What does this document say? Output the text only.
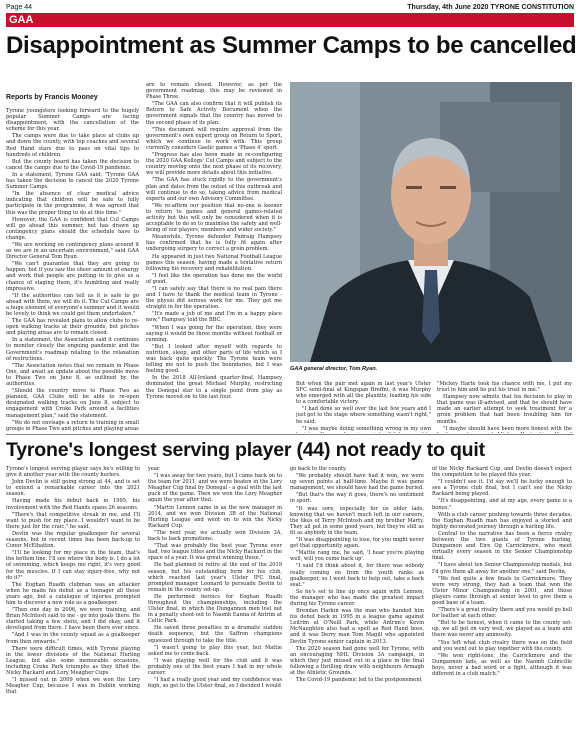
Page 44	Thursday, 4th June 2020 TYRONE CONSTITUTION
GAA
Disappointment as Summer Camps to be cancelled
Reports by Francis Mooney

Tyrone youngsters looking forward to the hugely popular Summer Camps are facing disappointment, with the cancellation of the scheme for this year.

The camps were due to take place at clubs up and down the county, with top coaches and several Red Hand stars due to pass on vital tips to hundreds of children.

But the county board has taken the decision to cancel the camps due to the Covid-19 pandemic.

In a statement, Tyrone GAA said: "Tyrone GAA has taken the decision to cancel the 2020 Tyrone Summer Camps.

"In the absence of clear medical advice indicating that children will be safe to fully participate in the programme, it was agreed that this was the proper thing to do at this time."

However, the GAA is confident that Cul Camps will go ahead this summer, but has drawn up contingency plans should the schedule have to change.

"We are working on contingency plans around it as we are in an uncertain environment," said GAA Director General Tom Ryan.

"We can't guarantee that they are going to happen, but if you saw the sheer amount of energy and work that people are putting in to give us a chance of staging them, it's humbling and really impressive.

"If the authorities can tell us it is safe to go ahead with them, we will do it. The Cul Camps are a huge element of everyone's summer and it would be lovely to think we could get them undertaken."

The GAA has revealed plans to allow clubs to re-open walking tracks at their grounds, but pitches and playing areas are to remain closed.

In a statement, the Association said it continues to monitor closely the ongoing pandemic and the Government's roadmap relating to the relaxation of restrictions.

"The Association notes that we remain in Phase One, and await an update about the possible move to Phase Two on June 8, as outlined by the authorities.

"Should the country move to Phase Two as planned, GAA Clubs will be able to re-open designated walking tracks on June 8, subject to engagement with Croke Park around a facilities management plan," said the statement.

"We do not envisage a return to training in small groups in Phase Two and pitches and playing areas

are to remain closed. However, as per the government roadmap, this may be reviewed in Phase Three.

"The GAA can also confirm that it will publish its Return to Safe Activity Document when the government signals that the country has moved to the second phase of its plan.

"This document will require approval from the government's own expert group on Return to Sport, which we continue to work with. This group currently considers Gaelic games a 'Phase 4' sport.

"Progress has also been made in re-configuring the 2020 GAA Kellogs' Cul Camps and subject to the country moving onto the next phase of its recovery, we will provide more details about this initiative.

"The GAA has stuck rigidly to the government's plan and dates from the outset of this outbreak and will continue to do so, taking advice from medical experts and our own Advisory Committee.

"We re-affirm our position that no-one is keener to return to games and general games-related activity but this will only be considered when it is acceptable to do so to maximise the safety and well-being of our players, members and wider society."

Meanwhile, Tyrone defender Padraig Hampsey has confirmed that he is fully fit again after undergoing surgery to correct a groin problem.

He appeared in just two National Football League games this season, having made a tentative return following his recovery and rehabilitation.

"I feel like the operation has done me the world of good.

"I can safely say that there is no real pain there and I have to thank the medical team in Tyrone - the physio did serious work for me. They got me straight in for the operation.

"It's made a job of me and I'm in a happy place now," Hampsey told the BBC.

"When I was going for the operation, they were saying it would be three months without football or running.

"But I looked after myself with regards to nutrition, sleep, and other parts of life which so I was back quite quickly. The Tyrone team were telling me not to push the boundaries, but I was feeling good.

In the 2018 All-Ireland quarter-final, Hampsey dominated the great Michael Murphy, restricting the Donegal star to a single point from play as Tyrone moved on to the last four.

GAA general director, Tom Ryan.

But when the pair met again in last year's Ulster SFC semi-final at Kingspan Breffni, it was Murphy who emerged with all the plaudits, leading his side to a comfortable victory.

"I had done so well over the last few years and I just got to the stage where something wasn't right," he said.

"I was maybe doing something wrong in my own

"Mickey Harte took his chance with me, I put my trust in him and he put his trust in me."

Hampsey now admits that his decision to play in that game was ill-advised, and that he should have made an earlier attempt to seek treatment for a groin problem that had been troubling him for months.

"I maybe should have been more honest with the

Tyrone's longest serving player (44) not ready to quit

Tyrone's longest serving player says he's willing to give it another year with the county hurlers.

John Devlin is still going strong at 44, and is set to extend a remarkable career into the 2021 season.

Having made his debut back in 1995, his involvement with the Red Hands spans 26 seasons.

"There's that competitive streak in me, and I'll want to push for my place. I wouldn't want to be there just for the craic," he said.

Devlin was the regular goalkeeper for several seasons, but in recent times has been back-up to Conor McElhatton.

"I'll be looking for my place in the team, that's the bottom line. I'll see where the body is. I do a lot of swimming, which keeps me right, it's very good for the muscles. If I can stay injury-free, why not do it?"

The Eoghan Ruadh clubman was an attacker when he made his debut as a teenager all those years ago, but a catalogue of injuries prompted him to discover a new role as a goalkeeper.

"Then one day in 2006, we were training, and Brian McIntosh said to me - go into goals there. He started taking a few shots, and I did okay, and it developed from there. I have been there ever since.

"And I was in the county squad as a goalkeeper from then onwards."

There were difficult times, with Tyrone playing in the lower divisions of the National Hurling League, but also some memorable occasions, including Croke Park triumphs as they lifted the Nicky Rackard and Lory Meagher Cups.

"I missed out in 2009 when we won the Lory Meagher Cup, because I was in Dublin working that

year.

"I was away for two years, but I came back on to the team for 2011, and we were beaten in the Lory Meagher Cup final by Donegal - a goal with the last puck of the game. Then we won the Lory Meagher again the year after that.

"Martin Lennon came in as the new manager in 2014, and we won Division 3B of the National Hurling League and went on to win the Nicky Rackard Cup.

"The next year, we actually won Division 3A, back to back promotions.

"That was probably the best year Tyrone ever had, two league titles and the Nicky Rackard in the space of a year. It was great winning those."

He had planned to retire at the end of the 2019 season, but his outstanding form for his club, which reached last year's Ulster IFC final, prompted manager Leonard to persuade Devlin to remain in the county set-up.

He performed heroics for Eoghan Ruadh throughout the championships, including the Ulster final, in which the Dungannon men lost out in a penalty shoot-out to Naomh Eanna of Antrim at Celtic Park.

He saved three penalties in a dramatic sudden death sequence, but the Saffron champions squeezed through to take the title.

"I wasn't going to play this year, but Mattie asked me to come back.

"I was playing well for the club and it was probably one of the best years I had in my whole career.

"I had a really good year and my confidence was high, so get to the Ulster final, so I decided I would

go back to the county.

"We probably should have had it won, we were up seven points at half-time. Maybe it was game management, we should have had the game buried.

"But that's the way it goes, there's no sentiment in sport.

"It was sore, especially for us older lads, knowing that we haven't much left in our careers, the likes of Terry McIntosh and my brother Marty. They all put in some good years, but they're still as fit as anybody in the team.

"It was disappointing to lose, for you might never get that opportunity again.

"Mattie rang me, he said, 'I hear you're playing well, will you come back up'.

"I said I'd think about it, for there was nobody really coming on from the youth ranks as goalkeeper, so I went back to help out, take a back seat."

So he's set to line up once again with Lennon, the manager who has made the greatest impact during his Tyrone career.

Brendan Harkin was the man who handed him his debut back in 1995 in a league game against Leitrim at O'Neill Park, while Antrim's Kevin McNaughton also had a spell as Red Hand boss, and it was Derry man Tom Magill who appointed Devlin Tyrone senior captain in 2013.

The 2020 season had gone well for Tyrone, with an encouraging NHL Division 3A campaign, in which they just missed out in a place in the final following a thrilling draw with neighbours Armagh at the Athletic Grounds.

The Covid-19 pandemic led to the postponement

of the Nicky Rackard Cup, and Devlin doesn't expect the competition to be played this year.

"I couldn't see it. I'd say we'll be lucky enough to see a Tyrone club final, but I can't see the Nicky Rackard being played.

"It's disappointing, and at my age, every game is a bonus."

With a club career pushing towards three decades, the Eoghan Ruadh man has enjoyed a storied and highly decorated journey through a hurling life.

Central to the narrative has been a fierce rivalry between the two giants of Tyrone hurling, Dungannon and Eire Og Carrickmore, who meet virtually every season in the Senior Championship final.

"I have about ten Senior Championship medals, but I'd give them all away for another one," said Devlin.

"We feel quite a few finals to Carrickmore. They were very strong, they had a team that won the Ulster Minor Championship in 2001, and those players came through at senior level to give them a good base of a team.

"There's a great rivalry there and you would go hell for leather at each other.

"But to be honest, when it came to the county set-up, we all got on very well, we played as a team and there was never any animosity.

"You left what club rivalry there was on the field and you went out to play together with the county.

"We won right-tone, the Carrickmore and the Dungannon lads, as well as the Naomh Colmcille boys, never a bad word or a fight, although it was different in a club match."
